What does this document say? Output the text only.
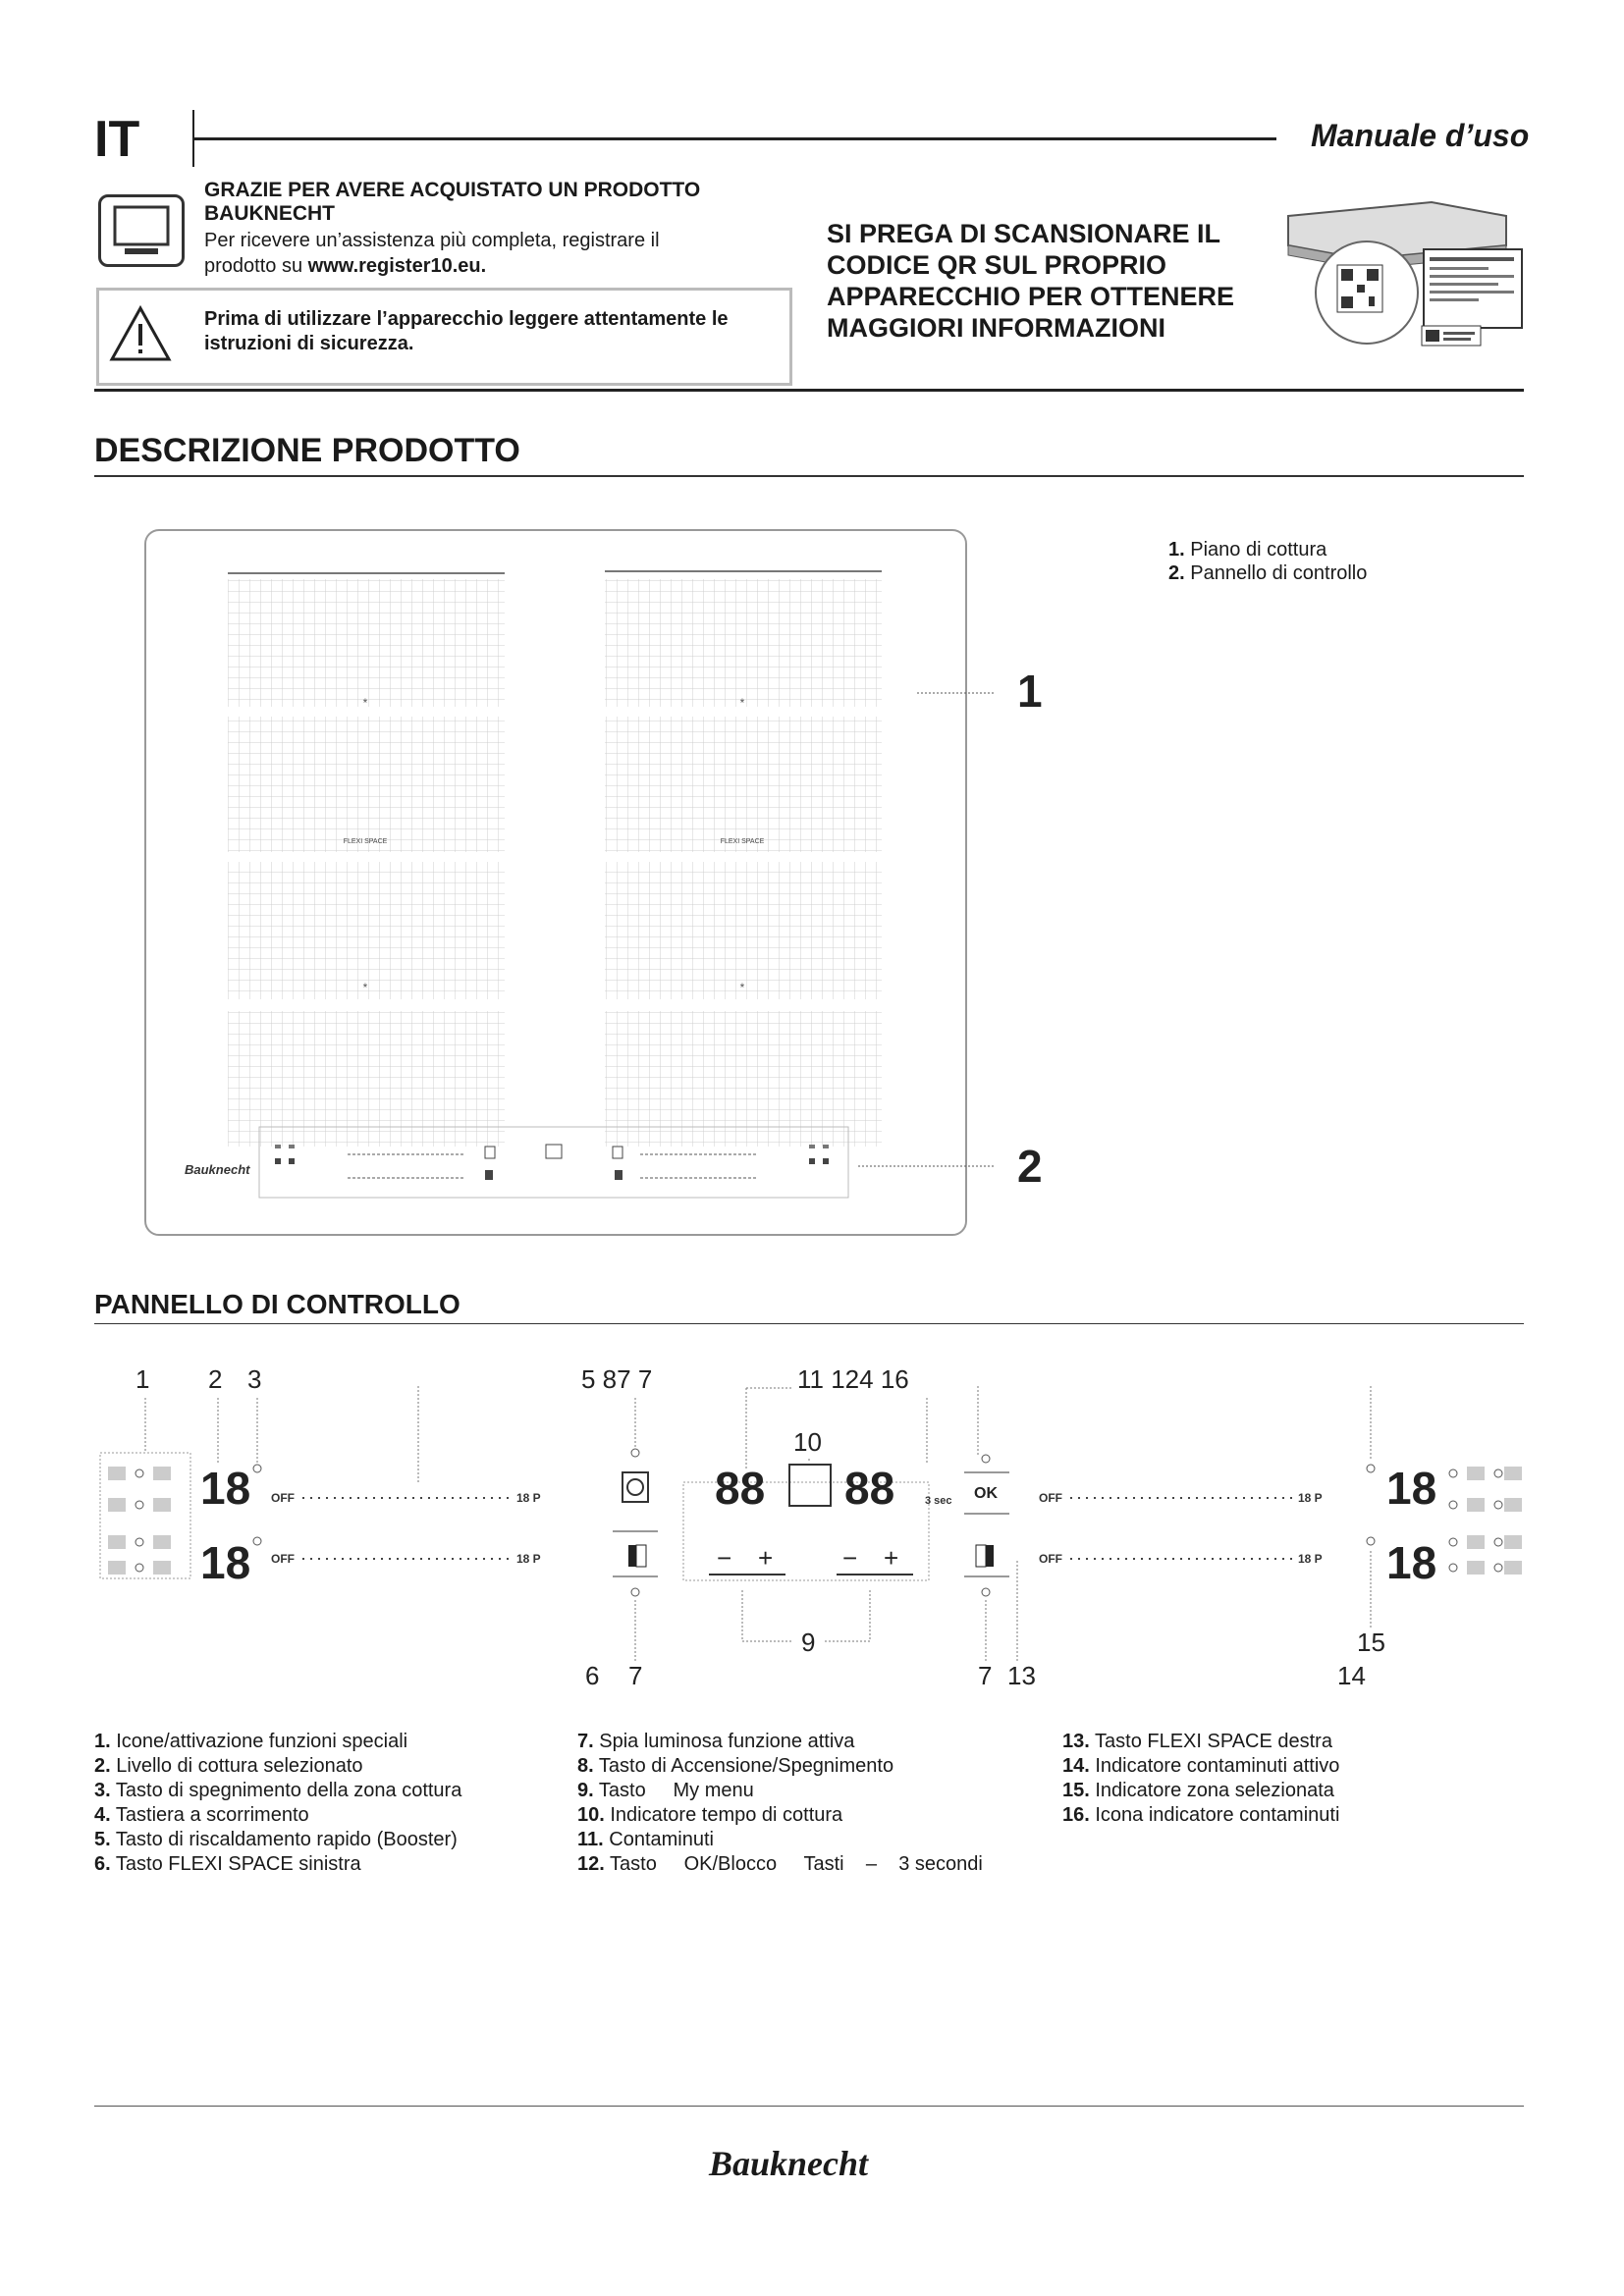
IT	Manuale d’uso
GRAZIE PER AVERE ACQUISTATO UN PRODOTTO BAUKNECHT
Per ricevere un’assistenza più completa, registrare il prodotto su www.register10.eu.
Prima di utilizzare l’apparecchio leggere attentamente le istruzioni di sicurezza.
SI PREGA DI SCANSIONARE IL CODICE QR SUL PROPRIO APPARECCHIO PER OTTENERE MAGGIORI INFORMAZIONI
DESCRIZIONE PRODOTTO
1. Piano di cottura
2. Pannello di controllo
*
*
FLEXI SPACE
*
*
FLEXI SPACE
Bauknecht
1
2
PANNELLO DI CONTROLLO
1 2 3	5 87 7	11 124 16
10
9	15
6 7	7 13	14
18
18
OFF	18 P
OFF	18 P
88 88
− +	− +
3 sec OK	OFF	18 P
OFF	18 P
18
18
1. Icone/attivazione funzioni speciali
2. Livello di cottura selezionato
3. Tasto di spegnimento della zona cottura
4. Tastiera a scorrimento
5. Tasto di riscaldamento rapido (Booster)
6. Tasto FLEXI SPACE sinistra
7. Spia luminosa funzione attiva
8. Tasto di Accensione/Spegnimento
9. Tasto     My menu
10. Indicatore tempo di cottura
11. Contaminuti
12. Tasto     OK/Blocco     Tasti    –    3 secondi
13. Tasto FLEXI SPACE destra
14. Indicatore contaminuti attivo
15. Indicatore zona selezionata
16. Icona indicatore contaminuti
Bauknecht
